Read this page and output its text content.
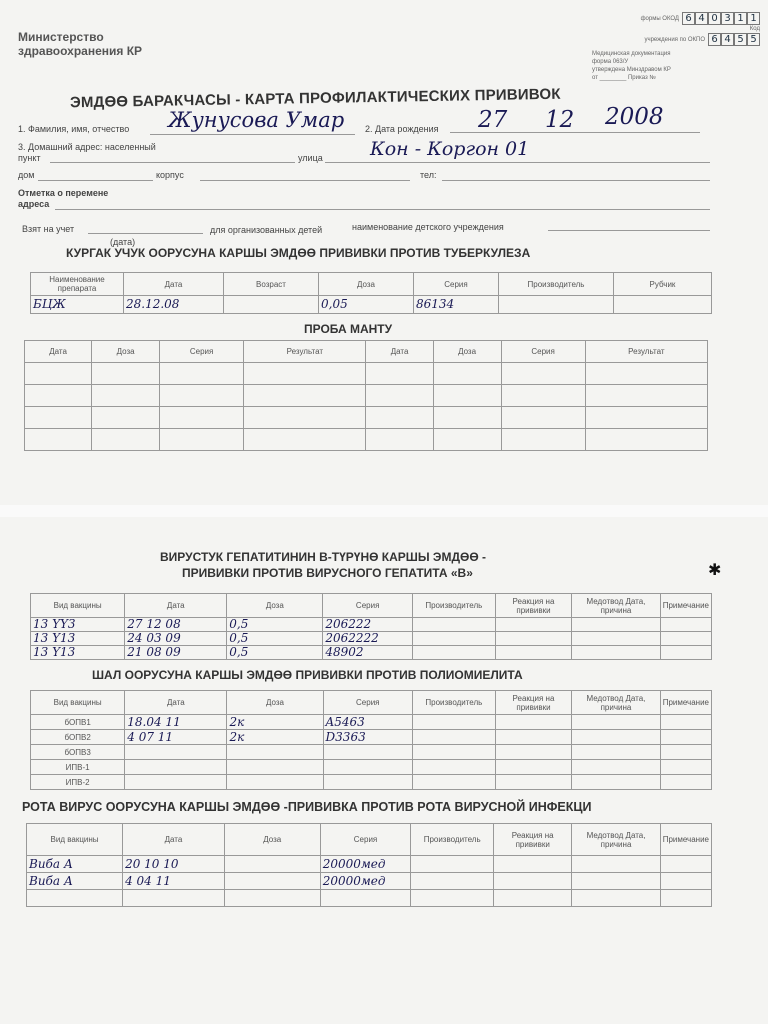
Министерство
здравоохранения КР
формы ОКОД 6 4 0 3 1 1
Код
учреждения по ОКПО 6 4 5 5
Медицинская документация
форма 063/У
утверждена Минздравом КР
от ________ Приказ №
ЭМДӨӨ БАРАКЧАСЫ - КАРТА ПРОФИЛАКТИЧЕСКИХ ПРИВИВОК
1. Фамилия, имя, отчество Жунусова Умар 2. Дата рождения 27 12 2008
3. Домашний адрес: населенный
пункт	улица Кон - Коргон 01
дом	корпус	тел:
Отметка о перемене
адреса
Взят на учет
(дата)
для организованных детей	наименование детского учреждения
КУРГАК УЧУК ООРУСУНА КАРШЫ ЭМДӨӨ ПРИВИВКИ ПРОТИВ ТУБЕРКУЛЕЗА
Наименование препарата	Дата	Возраст	Доза	Серия	Производитель	Рубчик
БЦЖ	28.12.08		0,05	86134		
ПРОБА МАНТУ
Дата	Доза	Серия	Результат	Дата	Доза	Серия	Результат

ВИРУСТУК ГЕПАТИТИНИН В-ТҮРҮНӨ КАРШЫ ЭМДӨӨ -
ПРИВИВКИ ПРОТИВ ВИРУСНОГО ГЕПАТИТА «В»	✱
Вид вакцины	Дата	Доза	Серия	Производитель	Реакция на прививки	Медотвод Дата, причина	Примечание
13 YY3	27 12 08	0,5	206222				
13 Y13	24 03 09	0,5	2062222				
13 Y13	21 08 09	0,5	48902				
ШАЛ ООРУСУНА КАРШЫ ЭМДӨӨ ПРИВИВКИ ПРОТИВ ПОЛИОМИЕЛИТА
Вид вакцины	Дата	Доза	Серия	Производитель	Реакция на прививки	Медотвод Дата, причина	Примечание
бОПВ1	18.04 11	2к	A5463				
бОПВ2	4 07 11	2к	D3363				
бОПВ3							
ИПВ-1							
ИПВ-2							
РОТА ВИРУС ООРУСУНА КАРШЫ ЭМДӨӨ -ПРИВИВКА ПРОТИВ РОТА ВИРУСНОЙ ИНФЕКЦИ
Вид вакцины	Дата	Доза	Серия	Производитель	Реакция на прививки	Медотвод Дата, причина	Примечание
Виба А	20 10 10		20000мед				
Виба А	4 04 11		20000мед				
